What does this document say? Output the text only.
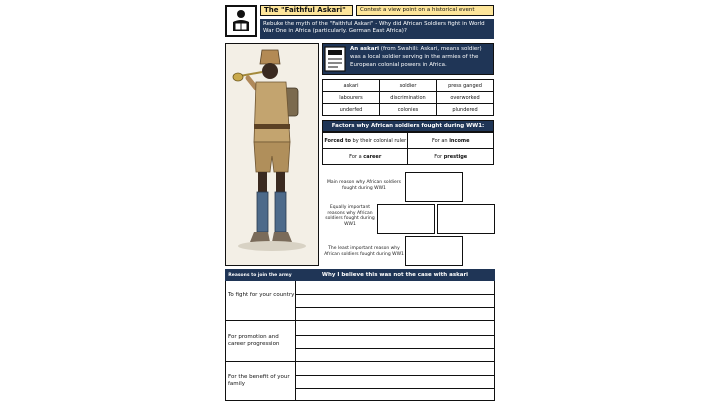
The "Faithful Askari"	Contest a view point on a historical event
Rebuke the myth of the "Faithful Askari" - Why did African Soldiers fight in World War One in Africa (particularly. German East Africa)?
An askari (from Swahili: Askari, means soldier) was a local soldier serving in the armies of the European colonial powers in Africa.
askari	soldier	press ganged
labourers	discrimination	overworked
underfed	colonies	plundered
Factors why African soldiers fought during WW1:
Forced to by their colonial ruler	For an income
For a career	For prestige
Main reason why African soldiers fought during WW1
Equally important reasons why African soldiers fought during WW1
The least important reason why African soldiers fought during WW1
Reasons to join the army	Why I believe this was not the case with askari
To fight for your country
For promotion and career progression
For the benefit of your family
